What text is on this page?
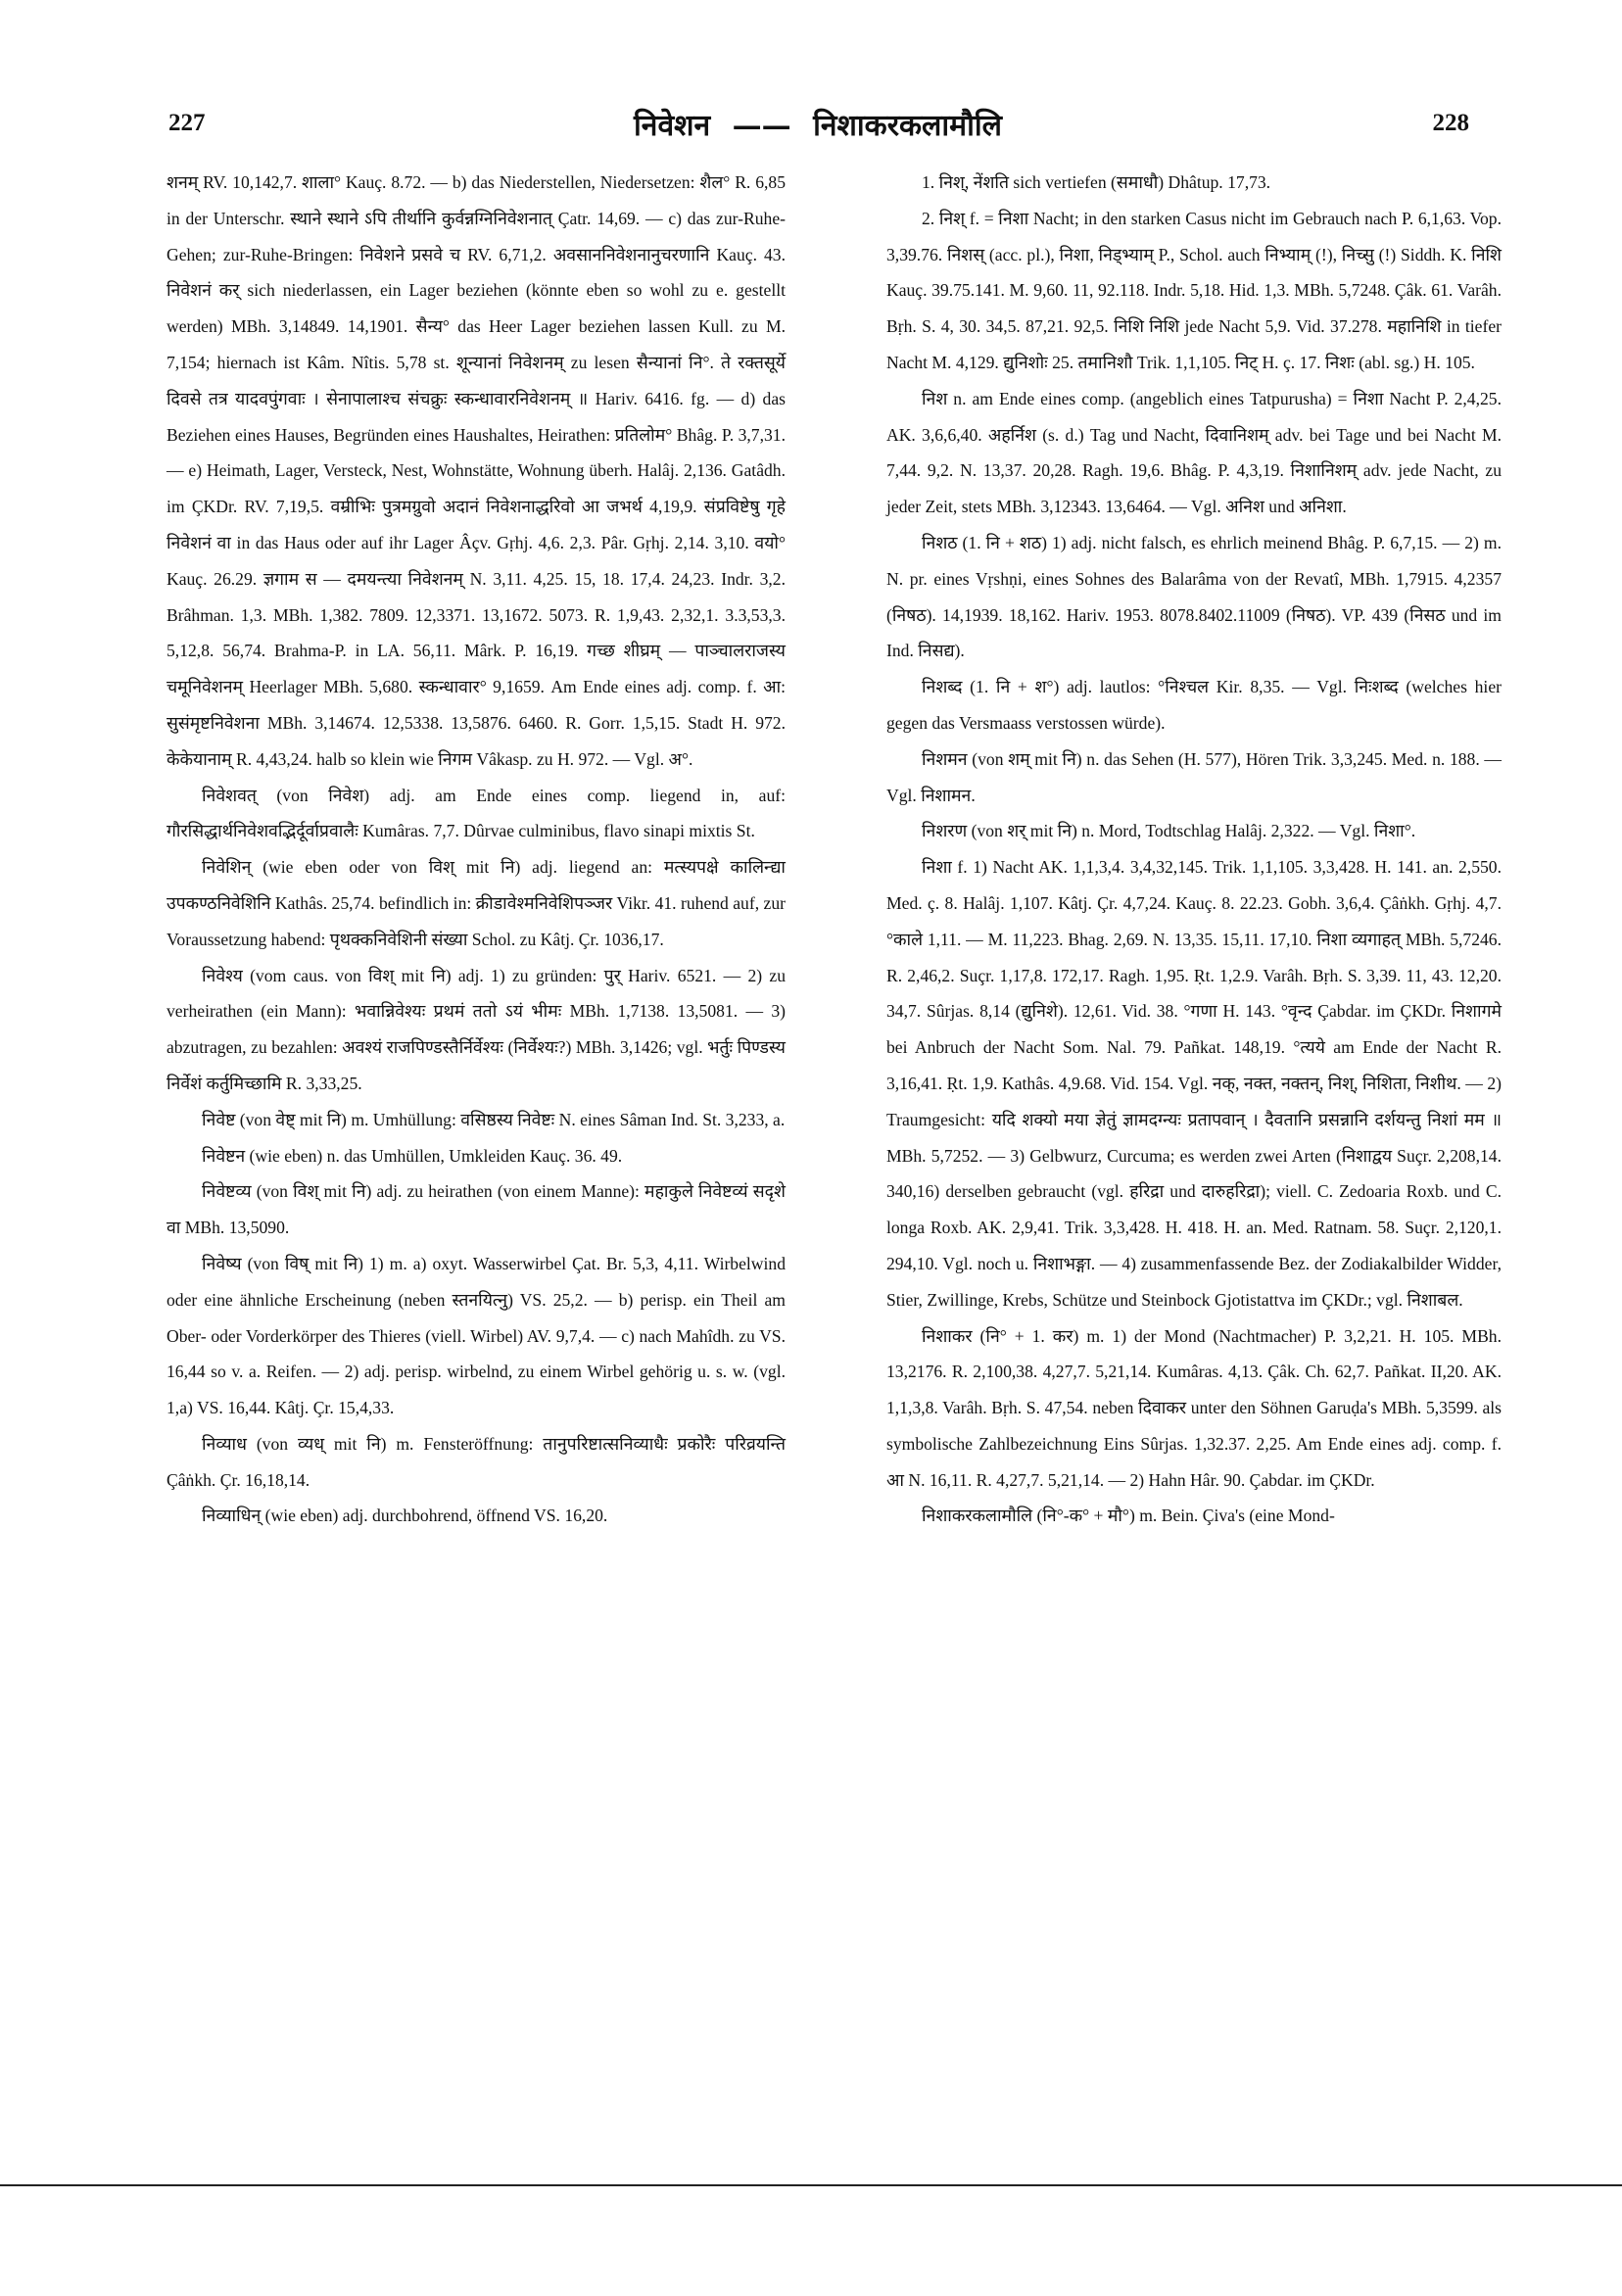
227	निवेशन —— निशाकरकलामौलि	228

शनम् RV. 10,142,7. शाला° Kauç. 8.72. — b) das Niederstellen, Niedersetzen: शैल° R. 6,85 in der Unterschr. स्थाने स्थाने ऽपि तीर्थानि कुर्वन्नग्निनिवेशनात् Çatr. 14,69. — c) das zur-Ruhe-Gehen; zur-Ruhe-Bringen: निवेशने प्रसवे च RV. 6,71,2. अवसाननिवेशनानुचरणानि Kauç. 43. निवेशनं कर् sich niederlassen, ein Lager beziehen (könnte eben so wohl zu e. gestellt werden) MBh. 3,14849. 14,1901. सैन्य° das Heer Lager beziehen lassen Kull. zu M. 7,154; hiernach ist Kâm. Nîtis. 5,78 st. शून्यानां निवेशनम् zu lesen सैन्यानां नि°. ते रक्तसूर्ये दिवसे तत्र यादवपुंगवाः । सेनापालाश्च संचक्रुः स्कन्धावारनिवेशनम् ॥ Hariv. 6416. fg. — d) das Beziehen eines Hauses, Begründen eines Haushaltes, Heirathen: प्रतिलोम° Bhâg. P. 3,7,31. — e) Heimath, Lager, Versteck, Nest, Wohnstätte, Wohnung überh. Halâj. 2,136. Gatâdh. im ÇKDr. RV. 7,19,5. वम्रीभिः पुत्रमग्रुवो अदानं निवेशनाद्धरिवो आ जभर्थ 4,19,9. संप्रविष्टेषु गृहे निवेशनं वा in das Haus oder auf ihr Lager Âçv. Gṛhj. 4,6. 2,3. Pâr. Gṛhj. 2,14. 3,10. वयो° Kauç. 26.29. ज्ञगाम स — दमयन्त्या निवेशनम् N. 3,11. 4,25. 15, 18. 17,4. 24,23. Indr. 3,2. Brâhman. 1,3. MBh. 1,382. 7809. 12,3371. 13,1672. 5073. R. 1,9,43. 2,32,1. 3.3,53,3. 5,12,8. 56,74. Brahma-P. in LA. 56,11. Mârk. P. 16,19. गच्छ शीघ्रम् — पाञ्चालराजस्य चमूनिवेशनम् Heerlager MBh. 5,680. स्कन्धावार° 9,1659. Am Ende eines adj. comp. f. आ: सुसंमृष्टनिवेशना MBh. 3,14674. 12,5338. 13,5876. 6460. R. Gorr. 1,5,15. Stadt H. 972. केकेयानाम् R. 4,43,24. halb so klein wie निगम Vâkasp. zu H. 972. — Vgl. अ°.

निवेशवत् (von निवेश) adj. am Ende eines comp. liegend in, auf: गौरसिद्धार्थनिवेशवद्भिर्दूर्वाप्रवालैः Kumâras. 7,7. Dûrvae culminibus, flavo sinapi mixtis St.

निवेशिन् (wie eben oder von विश् mit नि) adj. liegend an: मत्स्यपक्षे कालिन्द्या उपकण्ठनिवेशिनि Kathâs. 25,74. befindlich in: क्रीडावेश्मनिवेशिपञ्जर Vikr. 41. ruhend auf, zur Voraussetzung habend: पृथक्कनिवेशिनी संख्या Schol. zu Kâtj. Çr. 1036,17.

निवेश्य (vom caus. von विश् mit नि) adj. 1) zu gründen: पुर् Hariv. 6521. — 2) zu verheirathen (ein Mann): भवान्निवेश्यः प्रथमं ततो ऽयं भीमः MBh. 1,7138. 13,5081. — 3) abzutragen, zu bezahlen: अवश्यं राजपिण्डस्तैर्निर्वेश्यः (निर्वेश्यः?) MBh. 3,1426; vgl. भर्तुः पिण्डस्य निर्वेशं कर्तुमिच्छामि R. 3,33,25.

निवेष्ट (von वेष्ट् mit नि) m. Umhüllung: वसिष्ठस्य निवेष्टः N. eines Sâman Ind. St. 3,233, a.

निवेष्टन (wie eben) n. das Umhüllen, Umkleiden Kauç. 36. 49.

निवेष्टव्य (von विश् mit नि) adj. zu heirathen (von einem Manne): महाकुले निवेष्टव्यं सदृशे वा MBh. 13,5090.

निवेष्य (von विष् mit नि) 1) m. a) oxyt. Wasserwirbel Çat. Br. 5,3, 4,11. Wirbelwind oder eine ähnliche Erscheinung (neben स्तनयित्नु) VS. 25,2. — b) perisp. ein Theil am Ober- oder Vorderkörper des Thieres (viell. Wirbel) AV. 9,7,4. — c) nach Mahîdh. zu VS. 16,44 so v. a. Reifen. — 2) adj. perisp. wirbelnd, zu einem Wirbel gehörig u. s. w. (vgl. 1,a) VS. 16,44. Kâtj. Çr. 15,4,33.

निव्याध (von व्यध् mit नि) m. Fensteröffnung: तानुपरिष्टात्सनिव्याधैः प्रकोरैः परिव्रयन्ति Çâṅkh. Çr. 16,18,14.

निव्याधिन् (wie eben) adj. durchbohrend, öffnend VS. 16,20.

1. निश्, नेंशति sich vertiefen (समाधौ) Dhâtup. 17,73.

2. निश् f. = निशा Nacht; in den starken Casus nicht im Gebrauch nach P. 6,1,63. Vop. 3,39.76. निशस् (acc. pl.), निशा, निड्भ्याम् P., Schol. auch निभ्याम् (!), निच्सु (!) Siddh. K. निशि Kauç. 39.75.141. M. 9,60. 11, 92.118. Indr. 5,18. Hid. 1,3. MBh. 5,7248. Çâk. 61. Varâh. Bṛh. S. 4, 30. 34,5. 87,21. 92,5. निशि निशि jede Nacht 5,9. Vid. 37.278. महानिशि in tiefer Nacht M. 4,129. द्युनिशोः 25. तमानिशौ Trik. 1,1,105. निट् H. ç. 17. निशः (abl. sg.) H. 105.

निश n. am Ende eines comp. (angeblich eines Tatpurusha) = निशा Nacht P. 2,4,25. AK. 3,6,6,40. अहर्निश (s. d.) Tag und Nacht, दिवानिशम् adv. bei Tage und bei Nacht M. 7,44. 9,2. N. 13,37. 20,28. Ragh. 19,6. Bhâg. P. 4,3,19. निशानिशम् adv. jede Nacht, zu jeder Zeit, stets MBh. 3,12343. 13,6464. — Vgl. अनिश und अनिशा.

निशठ (1. नि + शठ) 1) adj. nicht falsch, es ehrlich meinend Bhâg. P. 6,7,15. — 2) m. N. pr. eines Vṛshṇi, eines Sohnes des Balarâma von der Revatî, MBh. 1,7915. 4,2357 (निषठ). 14,1939. 18,162. Hariv. 1953. 8078.8402.11009 (निषठ). VP. 439 (निसठ und im Ind. निसद्य).

निशब्द (1. नि + श°) adj. lautlos: °निश्चल Kir. 8,35. — Vgl. निःशब्द (welches hier gegen das Versmaass verstossen würde).

निशमन (von शम् mit नि) n. das Sehen (H. 577), Hören Trik. 3,3,245. Med. n. 188. — Vgl. निशामन.

निशरण (von शर् mit नि) n. Mord, Todtschlag Halâj. 2,322. — Vgl. निशा°.

निशा f. 1) Nacht AK. 1,1,3,4. 3,4,32,145. Trik. 1,1,105. 3,3,428. H. 141. an. 2,550. Med. ç. 8. Halâj. 1,107. Kâtj. Çr. 4,7,24. Kauç. 8. 22.23. Gobh. 3,6,4. Çâṅkh. Gṛhj. 4,7. °काले 1,11. — M. 11,223. Bhag. 2,69. N. 13,35. 15,11. 17,10. निशा व्यगाहत् MBh. 5,7246. R. 2,46,2. Suçr. 1,17,8. 172,17. Ragh. 1,95. Ṛt. 1,2.9. Varâh. Bṛh. S. 3,39. 11, 43. 12,20. 34,7. Sûrjas. 8,14 (द्युनिशे). 12,61. Vid. 38. °गणा H. 143. °वृन्द Çabdar. im ÇKDr. निशागमे bei Anbruch der Nacht Som. Nal. 79. Pañkat. 148,19. °त्यये am Ende der Nacht R. 3,16,41. Ṛt. 1,9. Kathâs. 4,9.68. Vid. 154. Vgl. नक्, नक्त, नक्तन्, निश्, निशिता, निशीथ. — 2) Traumgesicht: यदि शक्यो मया ज्ञेतुं ज्ञामदग्न्यः प्रतापवान् । दैवतानि प्रसन्नानि दर्शयन्तु निशां मम ॥ MBh. 5,7252. — 3) Gelbwurz, Curcuma; es werden zwei Arten (निशाद्वय Suçr. 2,208,14. 340,16) derselben gebraucht (vgl. हरिद्रा und दारुहरिद्रा); viell. C. Zedoaria Roxb. und C. longa Roxb. AK. 2,9,41. Trik. 3,3,428. H. 418. H. an. Med. Ratnam. 58. Suçr. 2,120,1. 294,10. Vgl. noch u. निशाभङ्गा. — 4) zusammenfassende Bez. der Zodiakalbilder Widder, Stier, Zwillinge, Krebs, Schütze und Steinbock Gjotistattva im ÇKDr.; vgl. निशाबल.

निशाकर (नि° + 1. कर) m. 1) der Mond (Nachtmacher) P. 3,2,21. H. 105. MBh. 13,2176. R. 2,100,38. 4,27,7. 5,21,14. Kumâras. 4,13. Çâk. Ch. 62,7. Pañkat. II,20. AK. 1,1,3,8. Varâh. Bṛh. S. 47,54. neben दिवाकर unter den Söhnen Garuḍa's MBh. 5,3599. als symbolische Zahlbezeichnung Eins Sûrjas. 1,32.37. 2,25. Am Ende eines adj. comp. f. आ N. 16,11. R. 4,27,7. 5,21,14. — 2) Hahn Hâr. 90. Çabdar. im ÇKDr.

निशाकरकलामौलि (नि°-क° + मौ°) m. Bein. Çiva's (eine Mond-
